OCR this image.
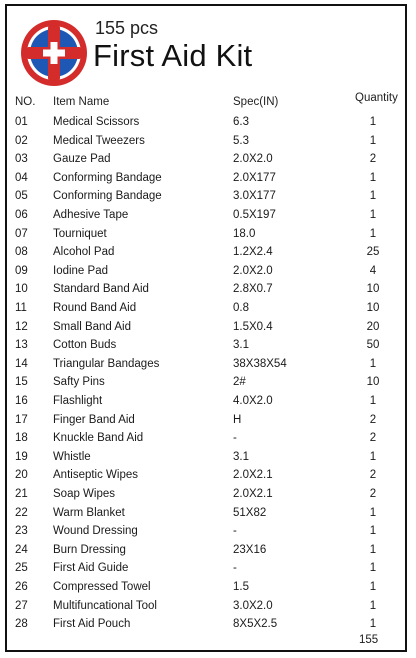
155 pcs
First Aid Kit
NO. Item Name	Spec(IN)	Quantity
01 Medical Scissors	6.3	1
02 Medical Tweezers	5.3	1
03 Gauze Pad	2.0X2.0	2
04 Conforming Bandage	2.0X177	1
05 Conforming Bandage	3.0X177	1
06 Adhesive Tape	0.5X197	1
07 Tourniquet	18.0	1
08 Alcohol Pad	1.2X2.4	25
09 Iodine Pad	2.0X2.0	4
10 Standard Band Aid	2.8X0.7	10
11 Round Band Aid	0.8	10
12 Small Band Aid	1.5X0.4	20
13 Cotton Buds	3.1	50
14 Triangular Bandages	38X38X54	1
15 Safty Pins	2#	10
16 Flashlight	4.0X2.0	1
17 Finger Band Aid	H	2
18 Knuckle Band Aid	-	2
19 Whistle	3.1	1
20 Antiseptic Wipes	2.0X2.1	2
21 Soap Wipes	2.0X2.1	2
22 Warm Blanket	51X82	1
23 Wound Dressing	-	1
24 Burn Dressing	23X16	1
25 First Aid Guide	-	1
26 Compressed Towel	1.5	1
27 Multifuncational Tool	3.0X2.0	1
28 First Aid Pouch	8X5X2.5	1
155
